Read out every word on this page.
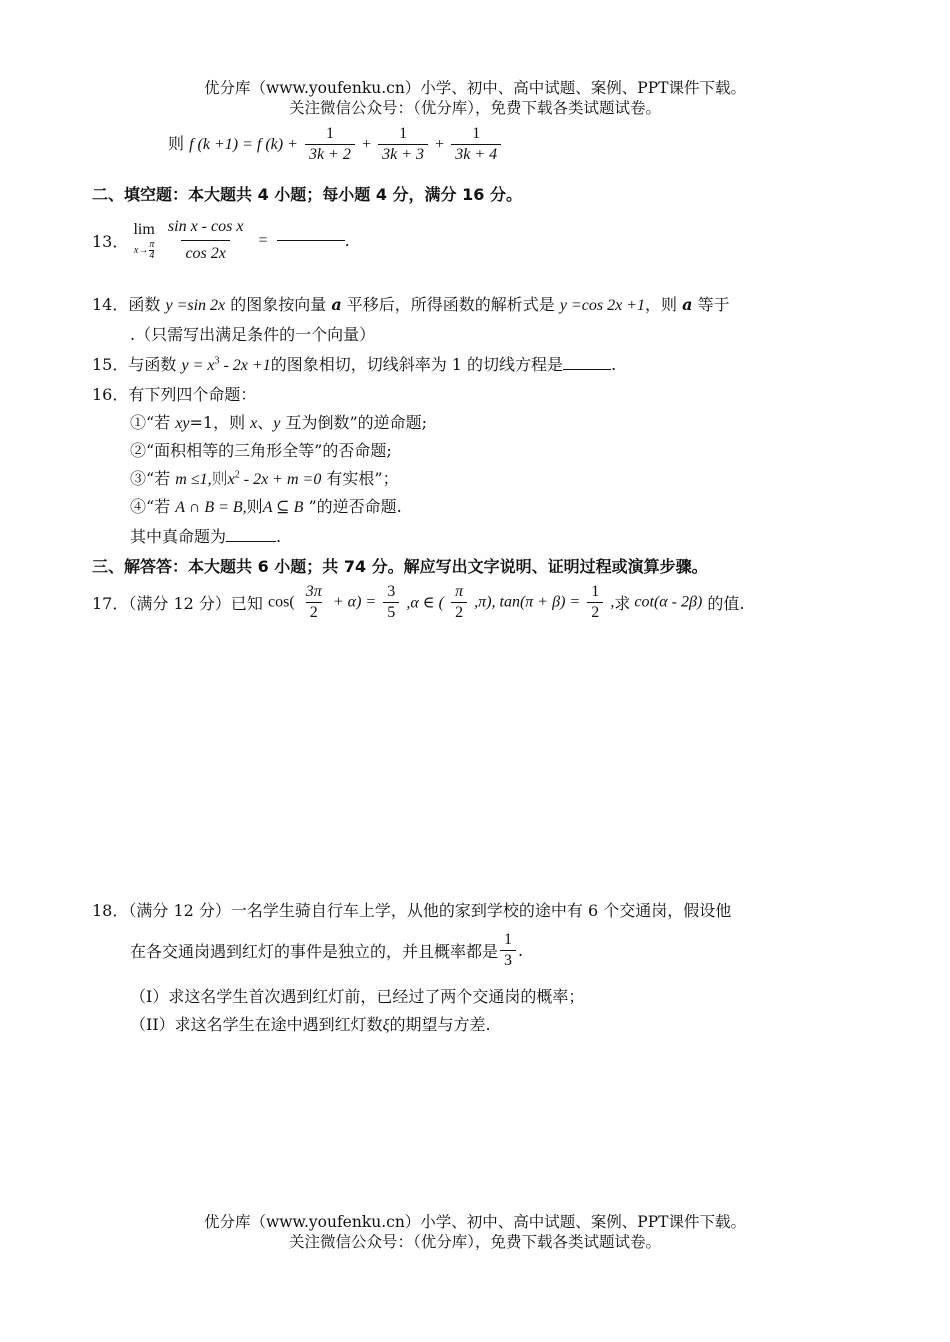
优分库（www.youfenku.cn）小学、初中、高中试题、案例、PPT课件下载。
关注微信公众号：（优分库），免费下载各类试题试卷。
则 f (k +1) = f $(k) + \frac{1}{3k + 2} + \frac{1}{3k + 3} + \frac{1}{3k + 4}$
二、填空题：本大题共 4 小题；每小题 4 分，满分 16 分。
13．
lim
x→
π
4
$\frac{\text{sin x - cos x}}{\cos 2x}$ =	.
14．函数 y =sin 2x 的图象按向量 a 平移后，所得函数的解析式是 y =cos 2x +1，则 a 等于
.（只需写出满足条件的一个向量）
15．与函数 $y = x^3 - 2x +1$的图象相切，切线斜率为 1 的切线方程是	.
16．有下列四个命题：
①“若 xy=1，则 x、y 互为倒数”的逆命题;
②“面积相等的三角形全等”的否命题;
③“若 m ≤1,则$x^2 - 2x + m =0$ 有实根”；
④“若 A ∩ B = B,则A ⊆ B ”的逆否命题.
其中真命题为	.
三、解答答：本大题共 6 小题；共 74 分。解应写出文字说明、证明过程或演算步骤。
17．（满分 12 分）已知 $\cos( \frac{3\pi}{2} + \alpha) = \frac{3}{5} ,\alpha$ ∈ ( $\frac{\pi}{2} ,\pi$), $\tan(\pi + \beta) = \frac{1}{2}$ ,求 cot(α - 2β) 的值.
18．（满分 12 分）一名学生骑自行车上学，从他的家到学校的途中有 6 个交通岗，假设他
在各交通岗遇到红灯的事件是独立的，并且概率都是 $\frac{1}{3}$ .
（I）求这名学生首次遇到红灯前，已经过了两个交通岗的概率；
（II）求这名学生在途中遇到红灯数ξ的期望与方差.
优分库（www.youfenku.cn）小学、初中、高中试题、案例、PPT课件下载。
关注微信公众号：（优分库），免费下载各类试题试卷。
